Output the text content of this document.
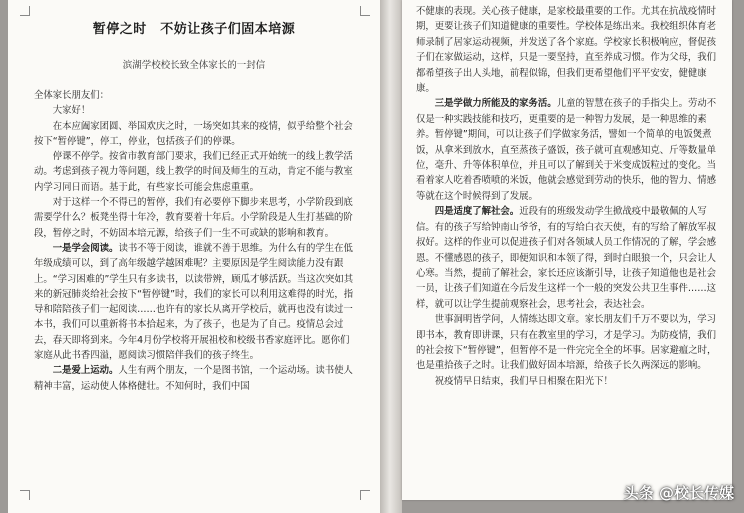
暂停之时　不妨让孩子们固本培源
滨湖学校校长致全体家长的一封信

全体家长朋友们：

大家好！

在本应阖家团圆、举国欢庆之时，一场突如其来的疫情，似乎给整个社会按下“暂停键”，停工，停业，包括孩子们的停课。

停课不停学。按省市教育部门要求，我们已经正式开始统一的线上教学活动。考虑到孩子视力等问题，线上教学的时间及师生的互动，肯定不能与教室内学习同日而语。基于此，有些家长可能会焦虑重重。

对于这样一个不得已的暂停，我们有必要停下脚步来思考，小学阶段到底需要学什么？板凳坐得十年冷，教育要着十年后。小学阶段是人生打基础的阶段，暂停之时，不妨固本培元源，给孩子们一生不可或缺的影响和教育。

一是学会阅读。读书不等于阅读，谁就不善于思维。为什么有的学生在低年级成绩可以，到了高年级越学越困难呢？主要原因是学生阅读能力没有跟上。“学习困难的”学生只有多读书，以读带辨，顾瓜才够活跃。当这次突如其来的新冠肺炎给社会按下“暂停键”时，我们的家长可以利用这难得的时光，指导和陪陪孩子们一起阅读……也许有的家长从离开学校后，就再也没有读过一本书，我们可以重新将书本拾起来，为了孩子，也是为了自己。疫情总会过去，春天即将到来。今年4月份学校将开展祖校和校级书香家庭评比。愿你们家庭从此书香四溢，愿阅读习惯陪伴我们的孩子终生。

二是爱上运动。人生有两个朋友，一个是图书馆，一个运动场。读书使人精神丰富，运动使人体格健壮。不知何时，我们中国

不健康的表现。关心孩子健康，是家校最重要的工作。尤其在抗战疫情时期，更要让孩子们知道健康的重要性。学校体是练出来。我校组织体育老师录制了居家运动视频，并发送了各个家庭。学校家长积极响应，督促孩子们在家做运动，这样，只是一要坚持，直至养成习惯。作为父母，我们都希望孩子出人头地，前程似锦，但我们更希望他们平平安安，健健康康。

三是学做力所能及的家务活。儿童的智慧在孩子的手指尖上。劳动不仅是一种实践技能和技巧，更重要的是一种智力发展，是一种思维的素养。暂停键”期间，可以让孩子们学做家务活，譬如一个简单的电饭煲煮饭，从拿米到放水，直至蒸孩子盛饭，孩子就可直观感知克、斤等数量单位，毫升、升等体积单位，并且可以了解到关于米变成饭粒过的变化。当看着家人吃着香喷喷的米饭，他就会感觉到劳动的快乐，他的智力、情感等就在这个时候得到了发展。

四是适度了解社会。近段有的班级发动学生掀战疫中最敬佩的人写信。有的孩子写给钟南山爷爷，有的写给白衣天使，有的写给了解放军叔叔好。这样的作业可以促进孩子们对各领域人员工作情况的了解，学会感恩。不懂感恩的孩子，即便知识和本领了得，到时白眼狼一个，只会让人心寒。当然，提前了解社会，家长还应该渐引导，让孩子知道他也是社会一员，让孩子们知道在今后发生这样一个一般的突发公共卫生事件……这样，就可以让学生提前观察社会，思考社会，表达社会。

世事洞明皆学问，人情练达即文章。家长朋友们千万不要以为，学习即书本，教育即讲课，只有在教室里的学习，才是学习。为防疫情，我们的社会按下“暂停键”，但暂停不是一件完完全全的坏事。居家避瘟之时，也是重拾孩子之时。让我们做好固本培源，给孩子长久两深远的影响。

祝疫情早日结束，我们早日相聚在阳光下！

头条 @校长传媒
